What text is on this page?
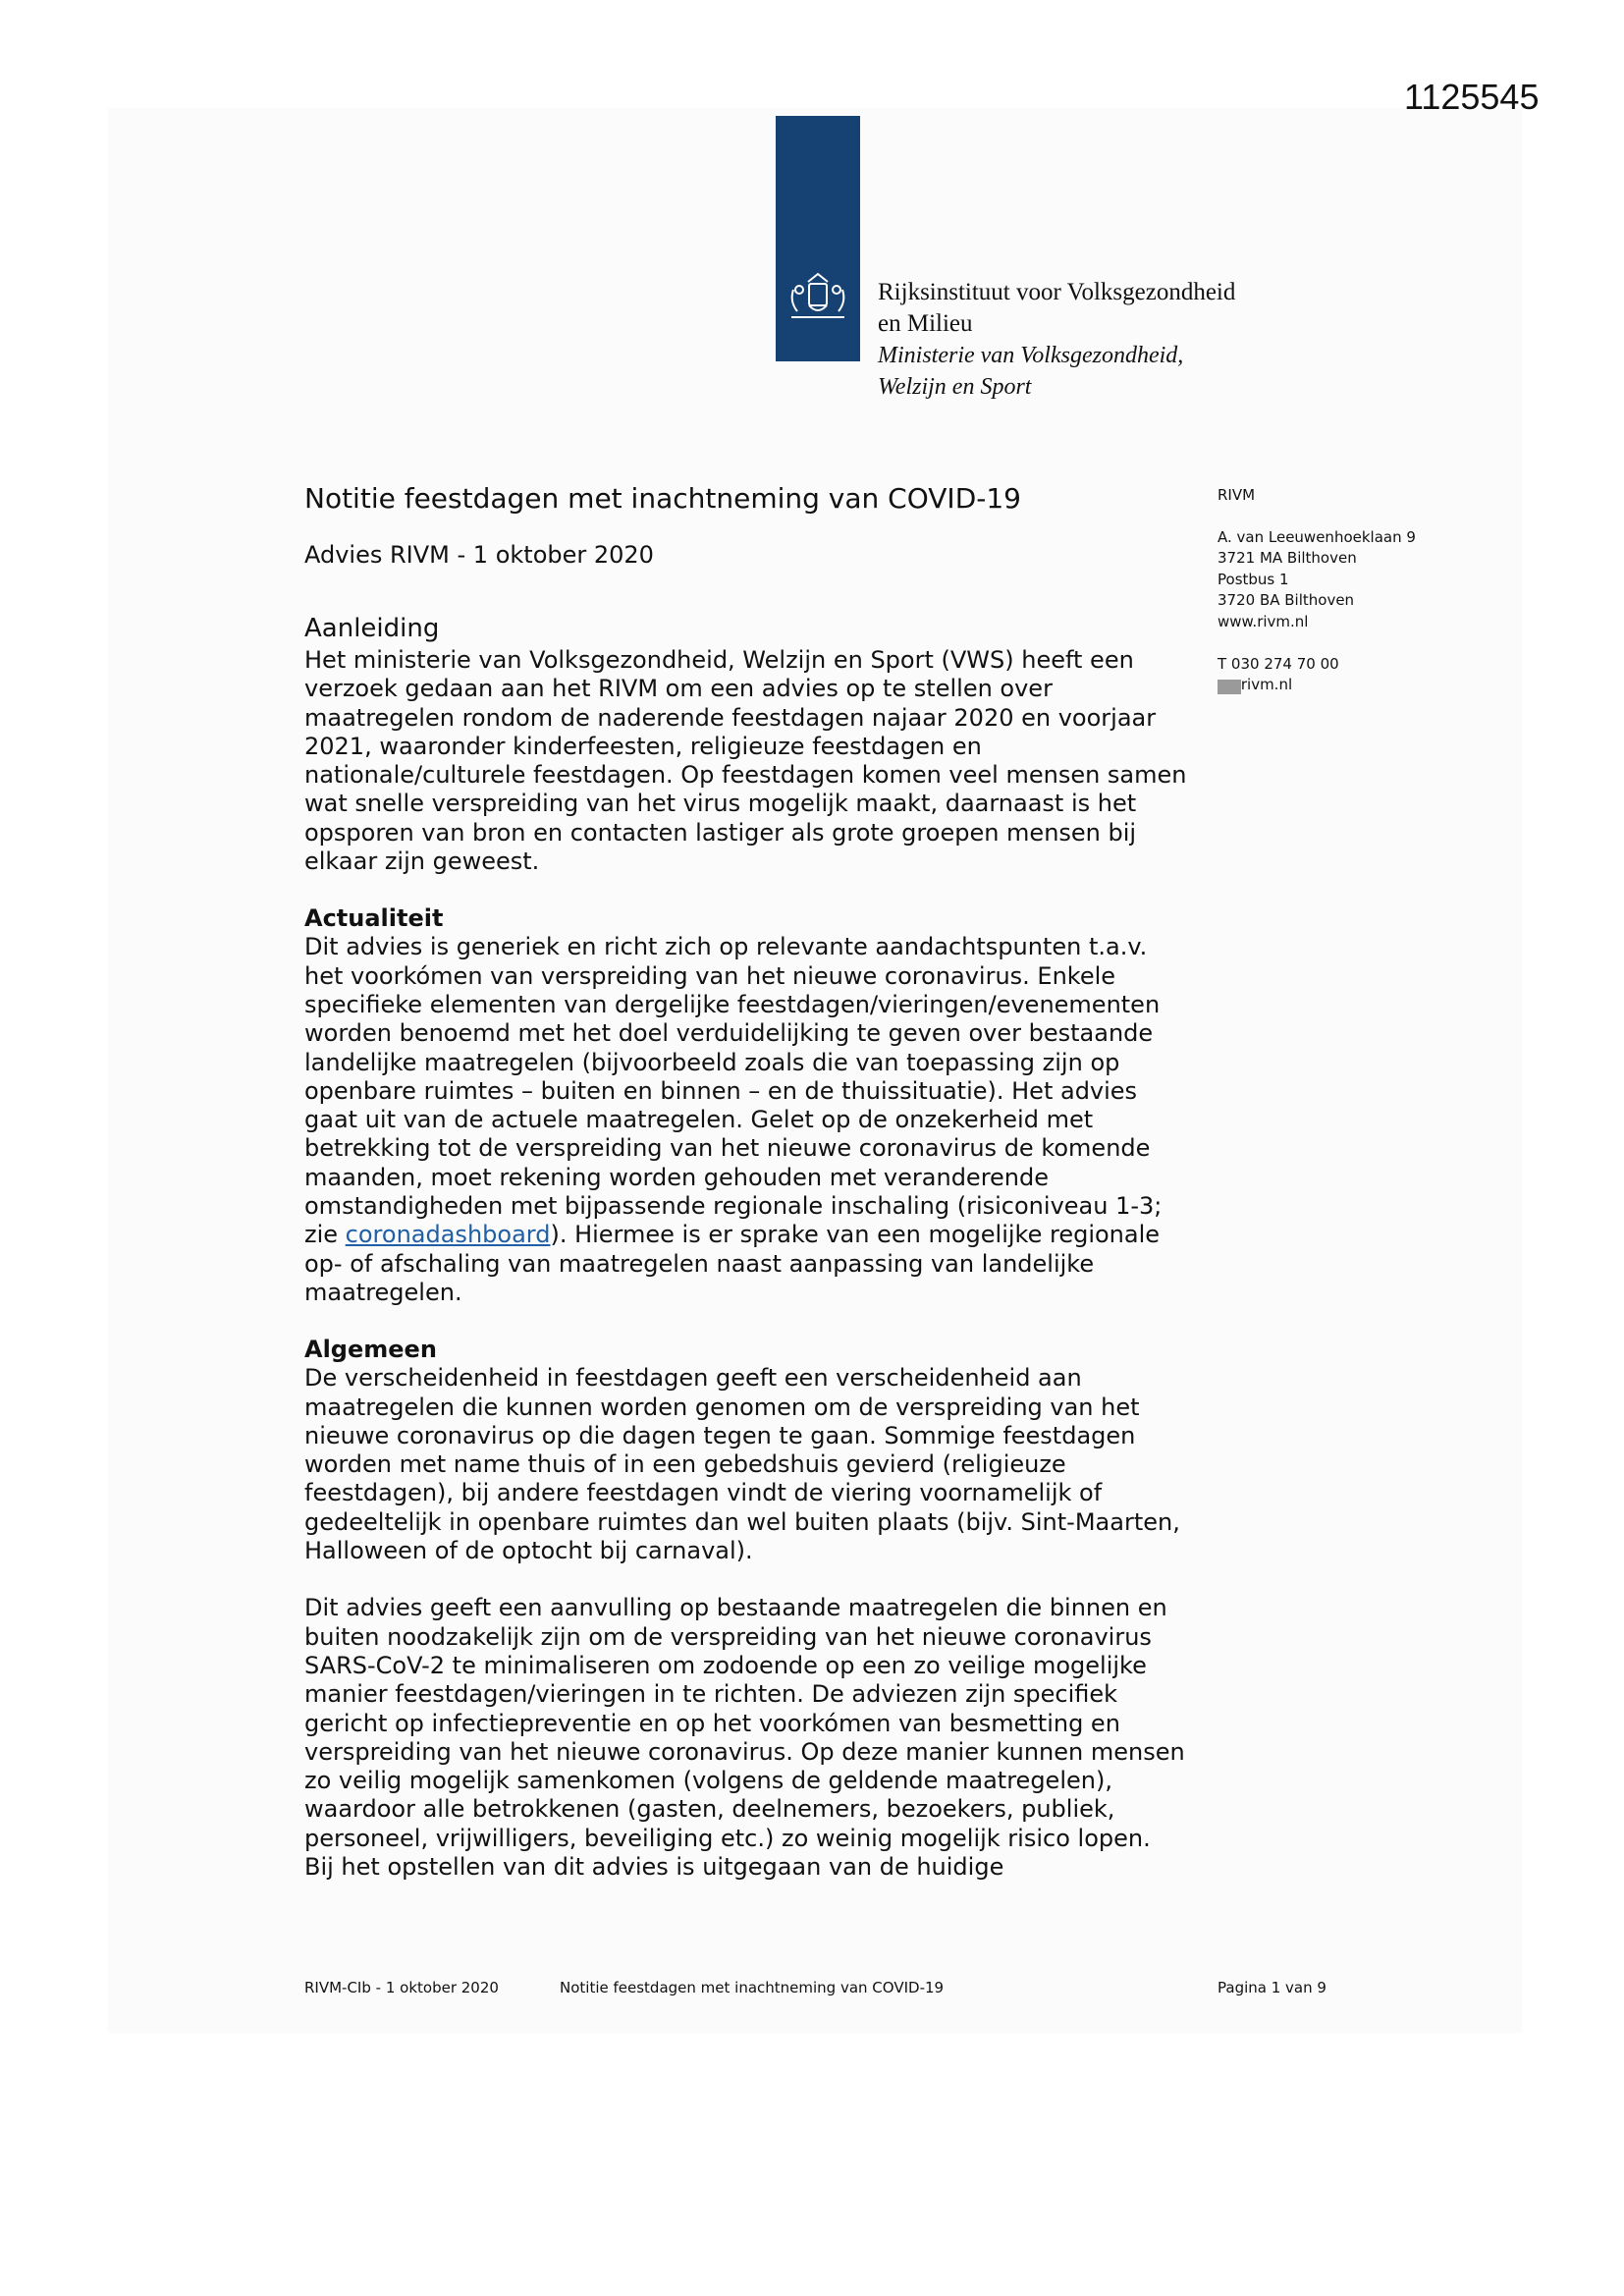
1125545
Rijksinstituut voor Volksgezondheid
en Milieu
Ministerie van Volksgezondheid,
Welzijn en Sport
Notitie feestdagen met inachtneming van COVID-19
Advies RIVM - 1 oktober 2020
Aanleiding

Het ministerie van Volksgezondheid, Welzijn en Sport (VWS) heeft een

verzoek gedaan aan het RIVM om een advies op te stellen over

maatregelen rondom de naderende feestdagen najaar 2020 en voorjaar

2021, waaronder kinderfeesten, religieuze feestdagen en

nationale/culturele feestdagen. Op feestdagen komen veel mensen samen

wat snelle verspreiding van het virus mogelijk maakt, daarnaast is het

opsporen van bron en contacten lastiger als grote groepen mensen bij

elkaar zijn geweest.

Actualiteit

Dit advies is generiek en richt zich op relevante aandachtspunten t.a.v.

het voorkómen van verspreiding van het nieuwe coronavirus. Enkele

specifieke elementen van dergelijke feestdagen/vieringen/evenementen

worden benoemd met het doel verduidelijking te geven over bestaande

landelijke maatregelen (bijvoorbeeld zoals die van toepassing zijn op

openbare ruimtes – buiten en binnen – en de thuissituatie). Het advies

gaat uit van de actuele maatregelen. Gelet op de onzekerheid met

betrekking tot de verspreiding van het nieuwe coronavirus de komende

maanden, moet rekening worden gehouden met veranderende

omstandigheden met bijpassende regionale inschaling (risiconiveau 1-3;

zie coronadashboard). Hiermee is er sprake van een mogelijke regionale

op- of afschaling van maatregelen naast aanpassing van landelijke

maatregelen.

Algemeen

De verscheidenheid in feestdagen geeft een verscheidenheid aan

maatregelen die kunnen worden genomen om de verspreiding van het

nieuwe coronavirus op die dagen tegen te gaan. Sommige feestdagen

worden met name thuis of in een gebedshuis gevierd (religieuze

feestdagen), bij andere feestdagen vindt de viering voornamelijk of

gedeeltelijk in openbare ruimtes dan wel buiten plaats (bijv. Sint-Maarten,

Halloween of de optocht bij carnaval).

Dit advies geeft een aanvulling op bestaande maatregelen die binnen en

buiten noodzakelijk zijn om de verspreiding van het nieuwe coronavirus

SARS-CoV-2 te minimaliseren om zodoende op een zo veilige mogelijke

manier feestdagen/vieringen in te richten. De adviezen zijn specifiek

gericht op infectiepreventie en op het voorkómen van besmetting en

verspreiding van het nieuwe coronavirus. Op deze manier kunnen mensen

zo veilig mogelijk samenkomen (volgens de geldende maatregelen),

waardoor alle betrokkenen (gasten, deelnemers, bezoekers, publiek,

personeel, vrijwilligers, beveiliging etc.) zo weinig mogelijk risico lopen.

Bij het opstellen van dit advies is uitgegaan van de huidige

RIVM
A. van Leeuwenhoeklaan 9
3721 MA Bilthoven
Postbus 1
3720 BA Bilthoven
www.rivm.nl
T 030 274 70 00
1.2rivm.nl
RIVM-CIb - 1 oktober 2020	Notitie feestdagen met inachtneming van COVID-19	Pagina 1 van 9
